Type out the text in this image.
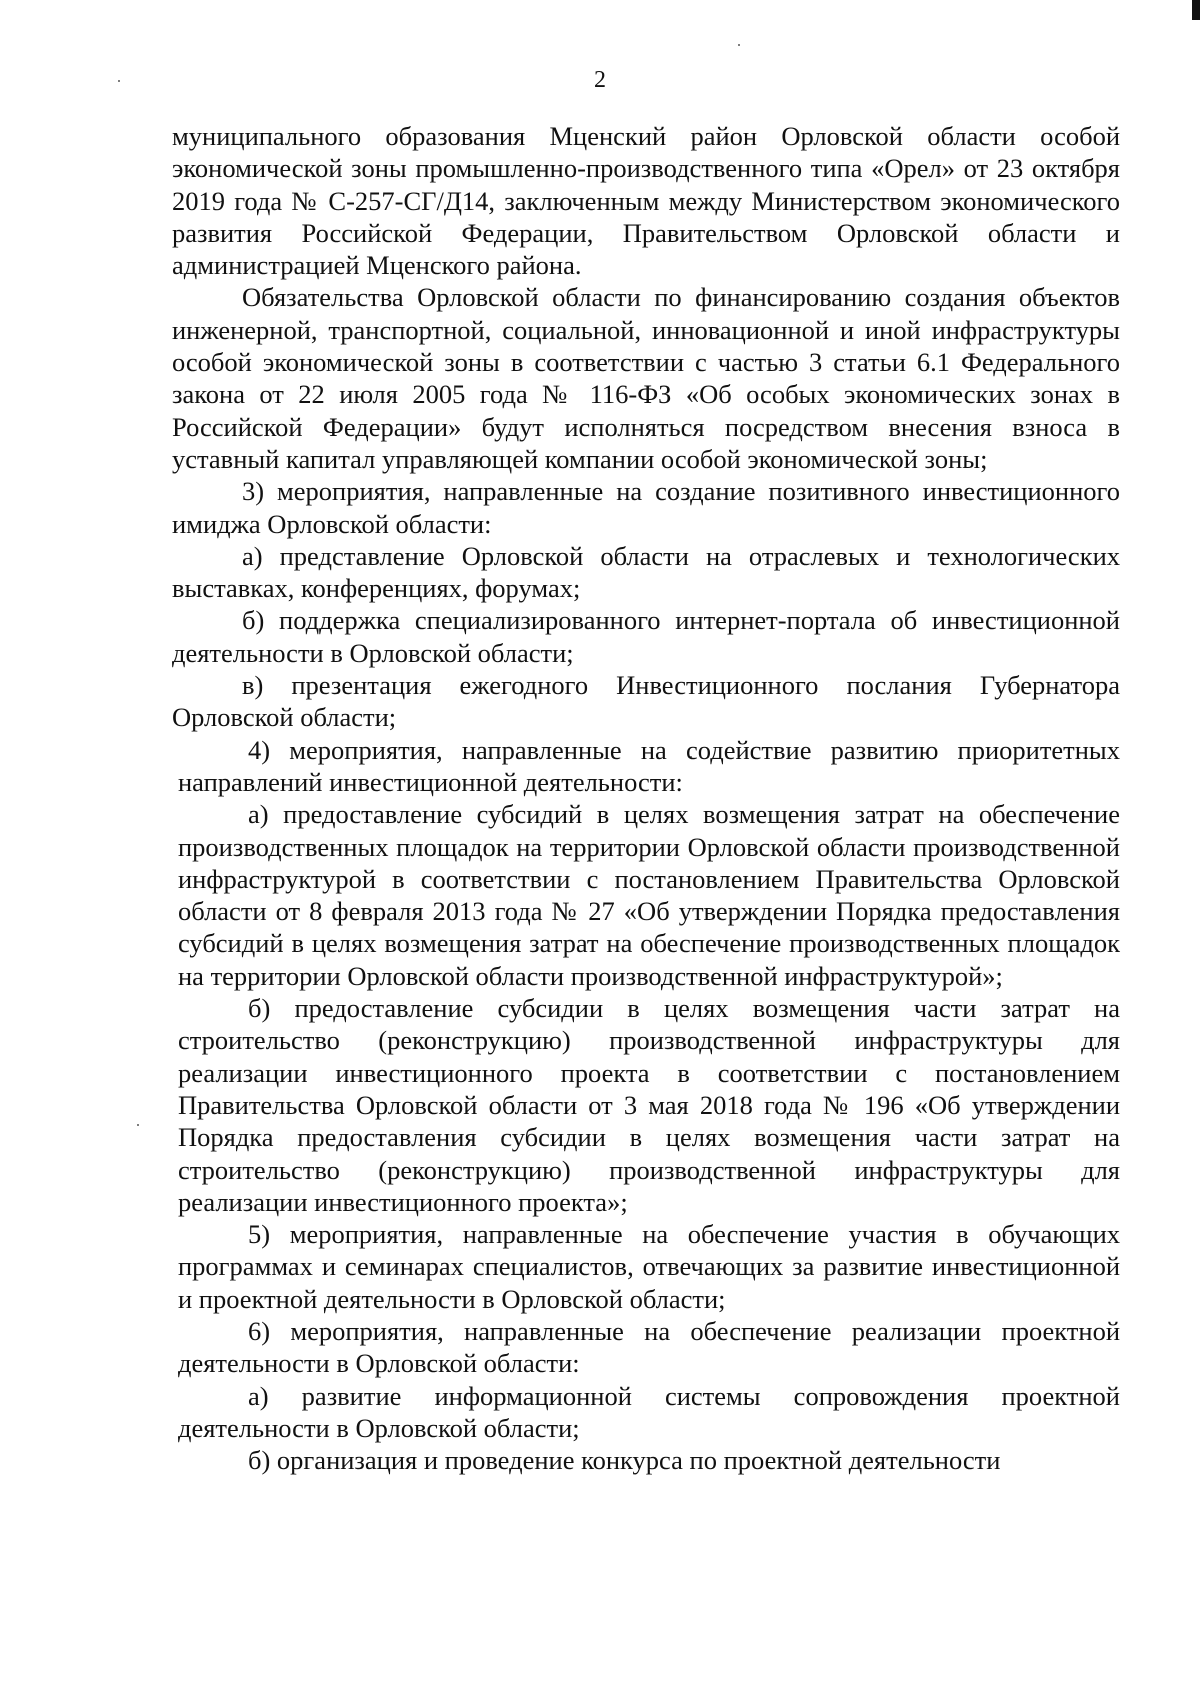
2

муниципального образования Мценский район Орловской области особой экономической зоны промышленно-производственного типа «Орел» от 23 октября 2019 года № С-257-СГ/Д14, заключенным между Министерством экономического развития Российской Федерации, Правительством Орловской области и администрацией Мценского района.

Обязательства Орловской области по финансированию создания объектов инженерной, транспортной, социальной, инновационной и иной инфраструктуры особой экономической зоны в соответствии с частью 3 статьи 6.1 Федерального закона от 22 июля 2005 года № 116-ФЗ «Об особых экономических зонах в Российской Федерации» будут исполняться посредством внесения взноса в уставный капитал управляющей компании особой экономической зоны;

3) мероприятия, направленные на создание позитивного инвестиционного имиджа Орловской области:

а) представление Орловской области на отраслевых и технологических выставках, конференциях, форумах;

б) поддержка специализированного интернет-портала об инвестиционной деятельности в Орловской области;

в) презентация ежегодного Инвестиционного послания Губернатора Орловской области;

4) мероприятия, направленные на содействие развитию приоритетных направлений инвестиционной деятельности:

а) предоставление субсидий в целях возмещения затрат на обеспечение производственных площадок на территории Орловской области производственной инфраструктурой в соответствии с постановлением Правительства Орловской области от 8 февраля 2013 года № 27 «Об утверждении Порядка предоставления субсидий в целях возмещения затрат на обеспечение производственных площадок на территории Орловской области производственной инфраструктурой»;

б) предоставление субсидии в целях возмещения части затрат на строительство (реконструкцию) производственной инфраструктуры для реализации инвестиционного проекта в соответствии с постановлением Правительства Орловской области от 3 мая 2018 года № 196 «Об утверждении Порядка предоставления субсидии в целях возмещения части затрат на строительство (реконструкцию) производственной инфраструктуры для реализации инвестиционного проекта»;

5) мероприятия, направленные на обеспечение участия в обучающих программах и семинарах специалистов, отвечающих за развитие инвестиционной и проектной деятельности в Орловской области;

6) мероприятия, направленные на обеспечение реализации проектной деятельности в Орловской области:

а) развитие информационной системы сопровождения проектной деятельности в Орловской области;

б) организация и проведение конкурса по проектной деятельности
